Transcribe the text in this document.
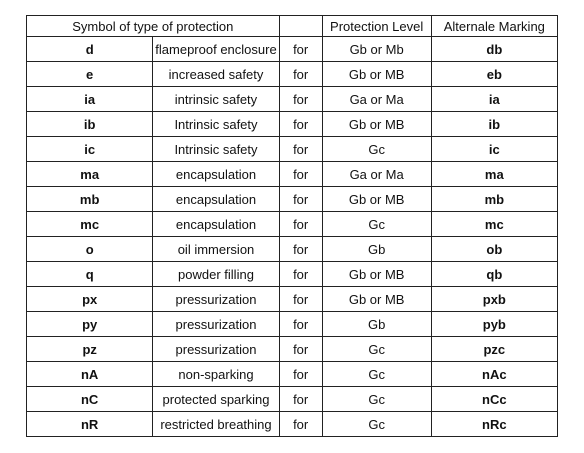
Symbol of type of protection			Protection Level	Alternale Marking
d	flameproof enclosure	for	Gb or Mb	db
e	increased safety	for	Gb or MB	eb
ia	intrinsic safety	for	Ga or Ma	ia
ib	Intrinsic safety	for	Gb or MB	ib
ic	Intrinsic safety	for	Gc	ic
ma	encapsulation	for	Ga or Ma	ma
mb	encapsulation	for	Gb or MB	mb
mc	encapsulation	for	Gc	mc
o	oil immersion	for	Gb	ob
q	powder filling	for	Gb or MB	qb
px	pressurization	for	Gb or MB	pxb
py	pressurization	for	Gb	pyb
pz	pressurization	for	Gc	pzc
nA	non-sparking	for	Gc	nAc
nC	protected sparking	for	Gc	nCc
nR	restricted breathing	for	Gc	nRc
